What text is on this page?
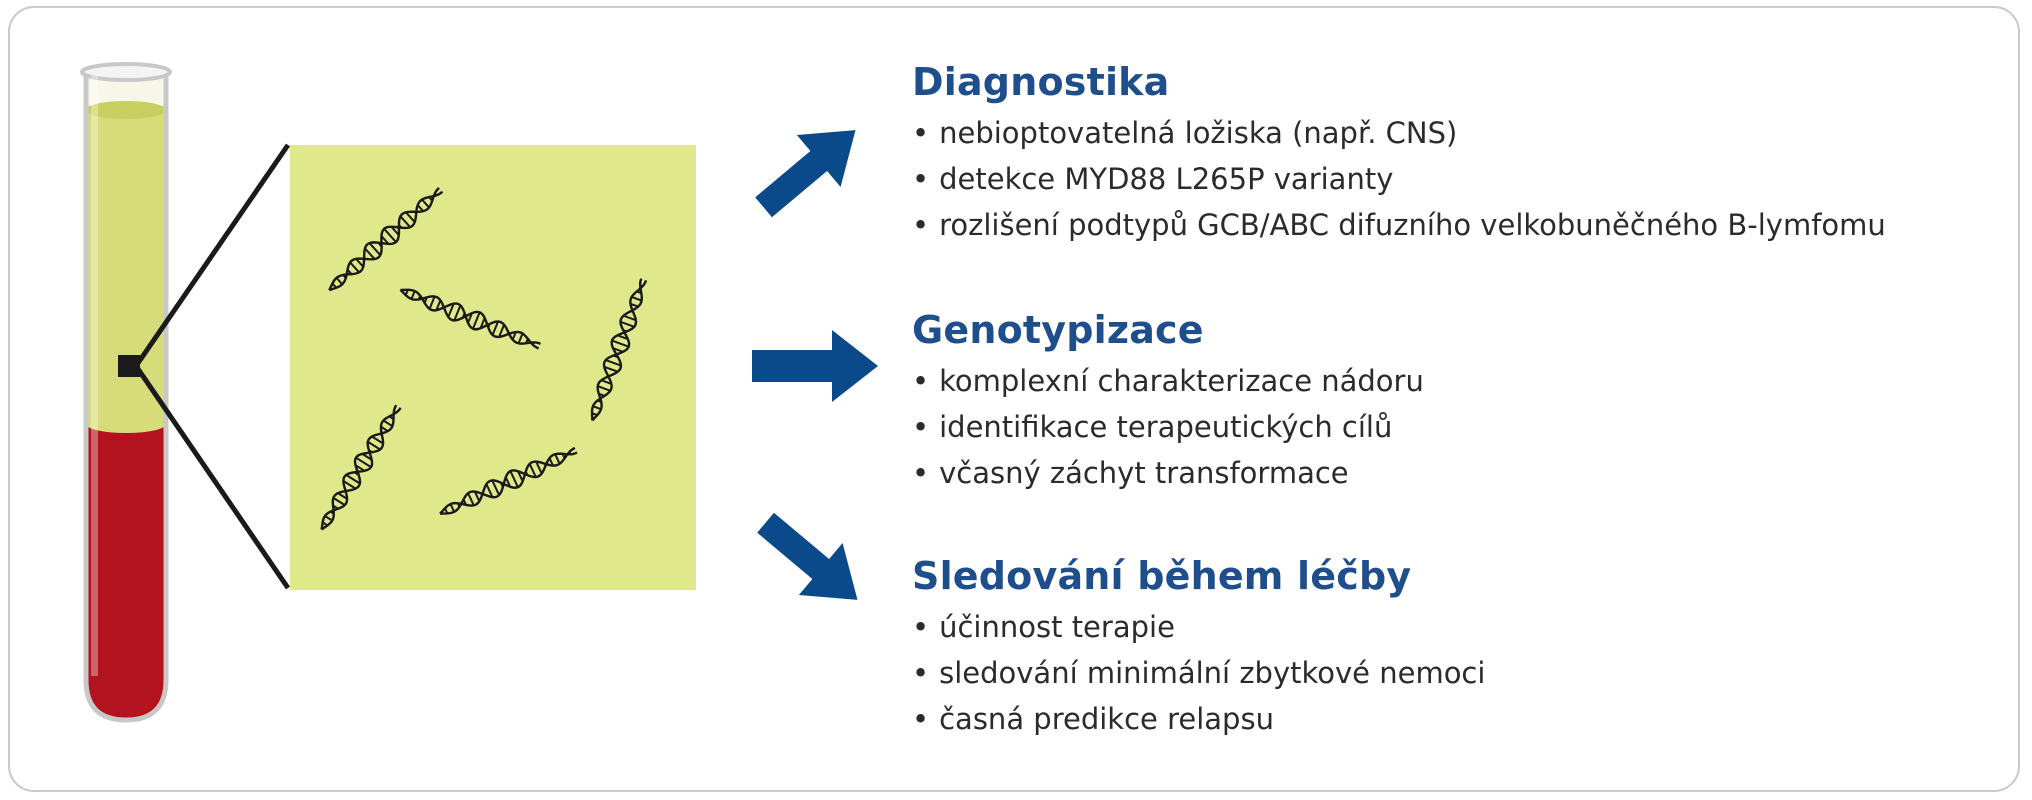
Diagnostika
• nebioptovatelná ložiska (např. CNS)
• detekce MYD88 L265P varianty
• rozlišení podtypů GCB/ABC difuzního velkobuněčného B-lymfomu
Genotypizace
• komplexní charakterizace nádoru
• identifikace terapeutických cílů
• včasný záchyt transformace
Sledování během léčby
• účinnost terapie
• sledování minimální zbytkové nemoci
• časná predikce relapsu
